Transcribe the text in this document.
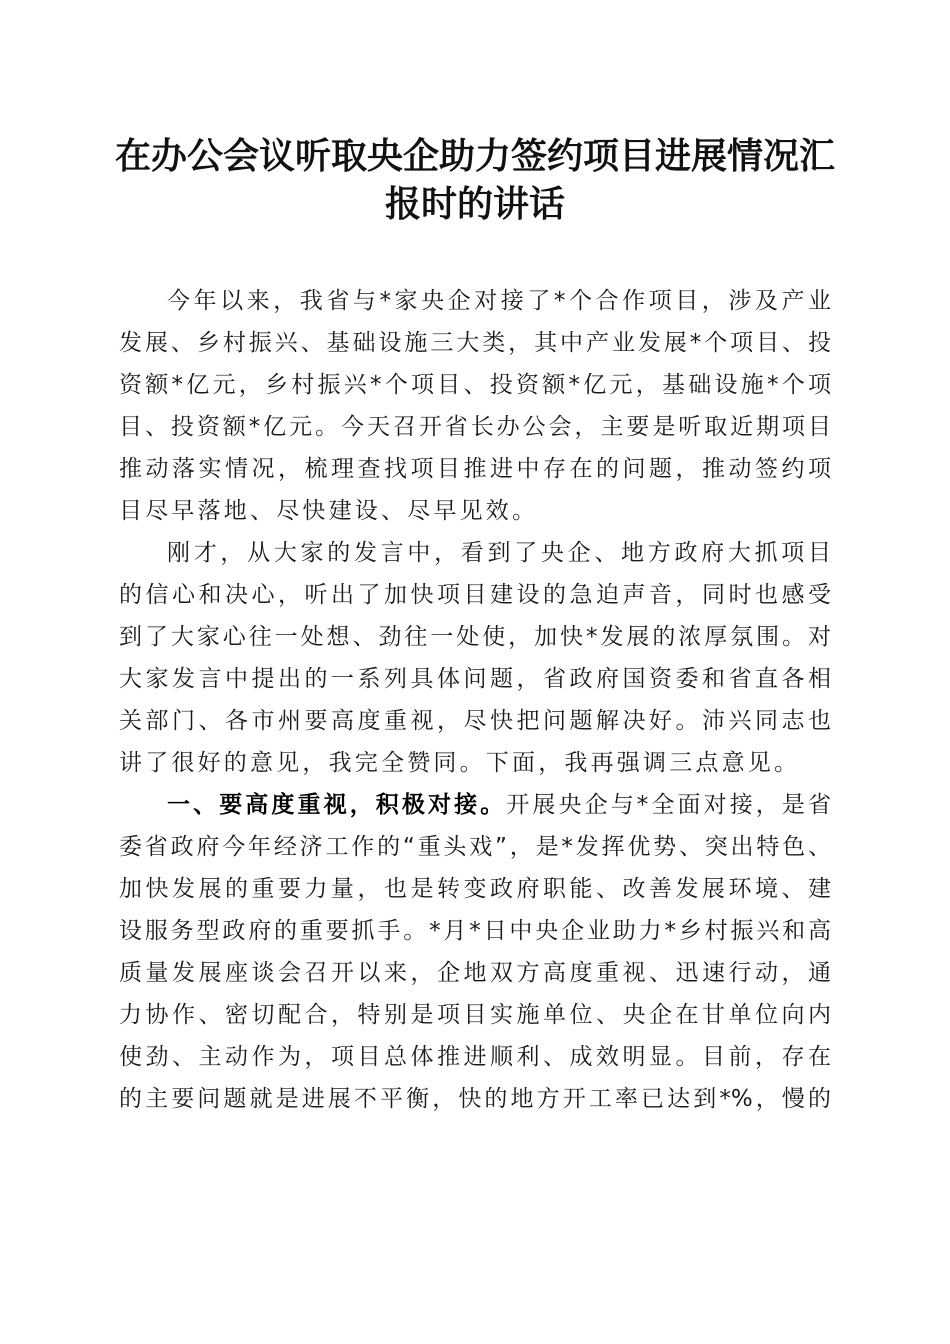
在办公会议听取央企助力签约项目进展情况汇
报时的讲话
今年以来，我省与*家央企对接了*个合作项目，涉及产业
发展、乡村振兴、基础设施三大类，其中产业发展*个项目、投
资额*亿元，乡村振兴*个项目、投资额*亿元，基础设施*个项
目、投资额*亿元。今天召开省长办公会，主要是听取近期项目
推动落实情况，梳理查找项目推进中存在的问题，推动签约项
目尽早落地、尽快建设、尽早见效。
刚才，从大家的发言中，看到了央企、地方政府大抓项目
的信心和决心，听出了加快项目建设的急迫声音，同时也感受
到了大家心往一处想、劲往一处使，加快*发展的浓厚氛围。对
大家发言中提出的一系列具体问题，省政府国资委和省直各相
关部门、各市州要高度重视，尽快把问题解决好。沛兴同志也
讲了很好的意见，我完全赞同。下面，我再强调三点意见。
一、要高度重视，积极对接。开展央企与*全面对接，是省
委省政府今年经济工作的“重头戏”，是*发挥优势、突出特色、
加快发展的重要力量，也是转变政府职能、改善发展环境、建
设服务型政府的重要抓手。*月*日中央企业助力*乡村振兴和高
质量发展座谈会召开以来，企地双方高度重视、迅速行动，通
力协作、密切配合，特别是项目实施单位、央企在甘单位向内
使劲、主动作为，项目总体推进顺利、成效明显。目前，存在
的主要问题就是进展不平衡，快的地方开工率已达到*%，慢的
